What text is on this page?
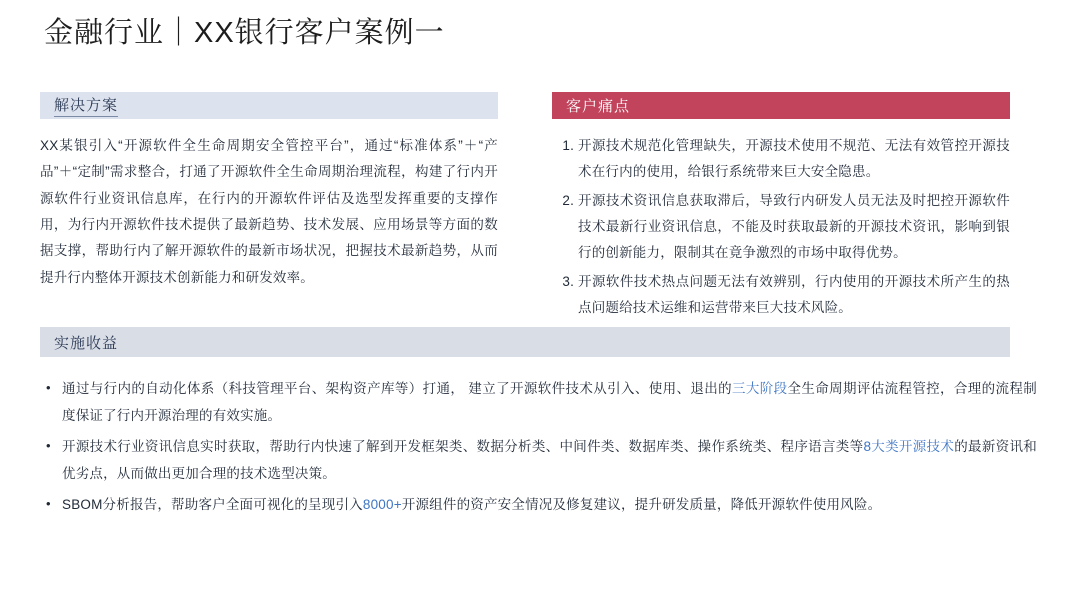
金融行业｜XX银行客户案例一
解决方案
XX某银引入“开源软件全生命周期安全管控平台”，通过“标准体系”＋“产品”＋“定制”需求整合，打通了开源软件全生命周期治理流程，构建了行内开源软件行业资讯信息库，在行内的开源软件评估及选型发挥重要的支撑作用，为行内开源软件技术提供了最新趋势、技术发展、应用场景等方面的数据支撑，帮助行内了解开源软件的最新市场状况，把握技术最新趋势，从而提升行内整体开源技术创新能力和研发效率。
客户痛点
1. 开源技术规范化管理缺失，开源技术使用不规范、无法有效管控开源技术在行内的使用，给银行系统带来巨大安全隐患。
2. 开源技术资讯信息获取滞后，导致行内研发人员无法及时把控开源软件技术最新行业资讯信息，不能及时获取最新的开源技术资讯，影响到银行的创新能力，限制其在竟争激烈的市场中取得优势。
3. 开源软件技术热点问题无法有效辨别，行内使用的开源技术所产生的热点问题给技术运维和运营带来巨大技术风险。
实施收益
• 通过与行内的自动化体系（科技管理平台、架构资产库等）打通， 建立了开源软件技术从引入、使用、退出的三大阶段全生命周期评估流程管控，合理的流程制度保证了行内开源治理的有效实施。
• 开源技术行业资讯信息实时获取，帮助行内快速了解到开发框架类、数据分析类、中间件类、数据库类、操作系统类、程序语言类等8大类开源技术的最新资讯和优劣点，从而做出更加合理的技术选型决策。
• SBOM分析报告，帮助客户全面可视化的呈现引入8000+开源组件的资产安全情况及修复建议，提升研发质量，降低开源软件使用风险。
